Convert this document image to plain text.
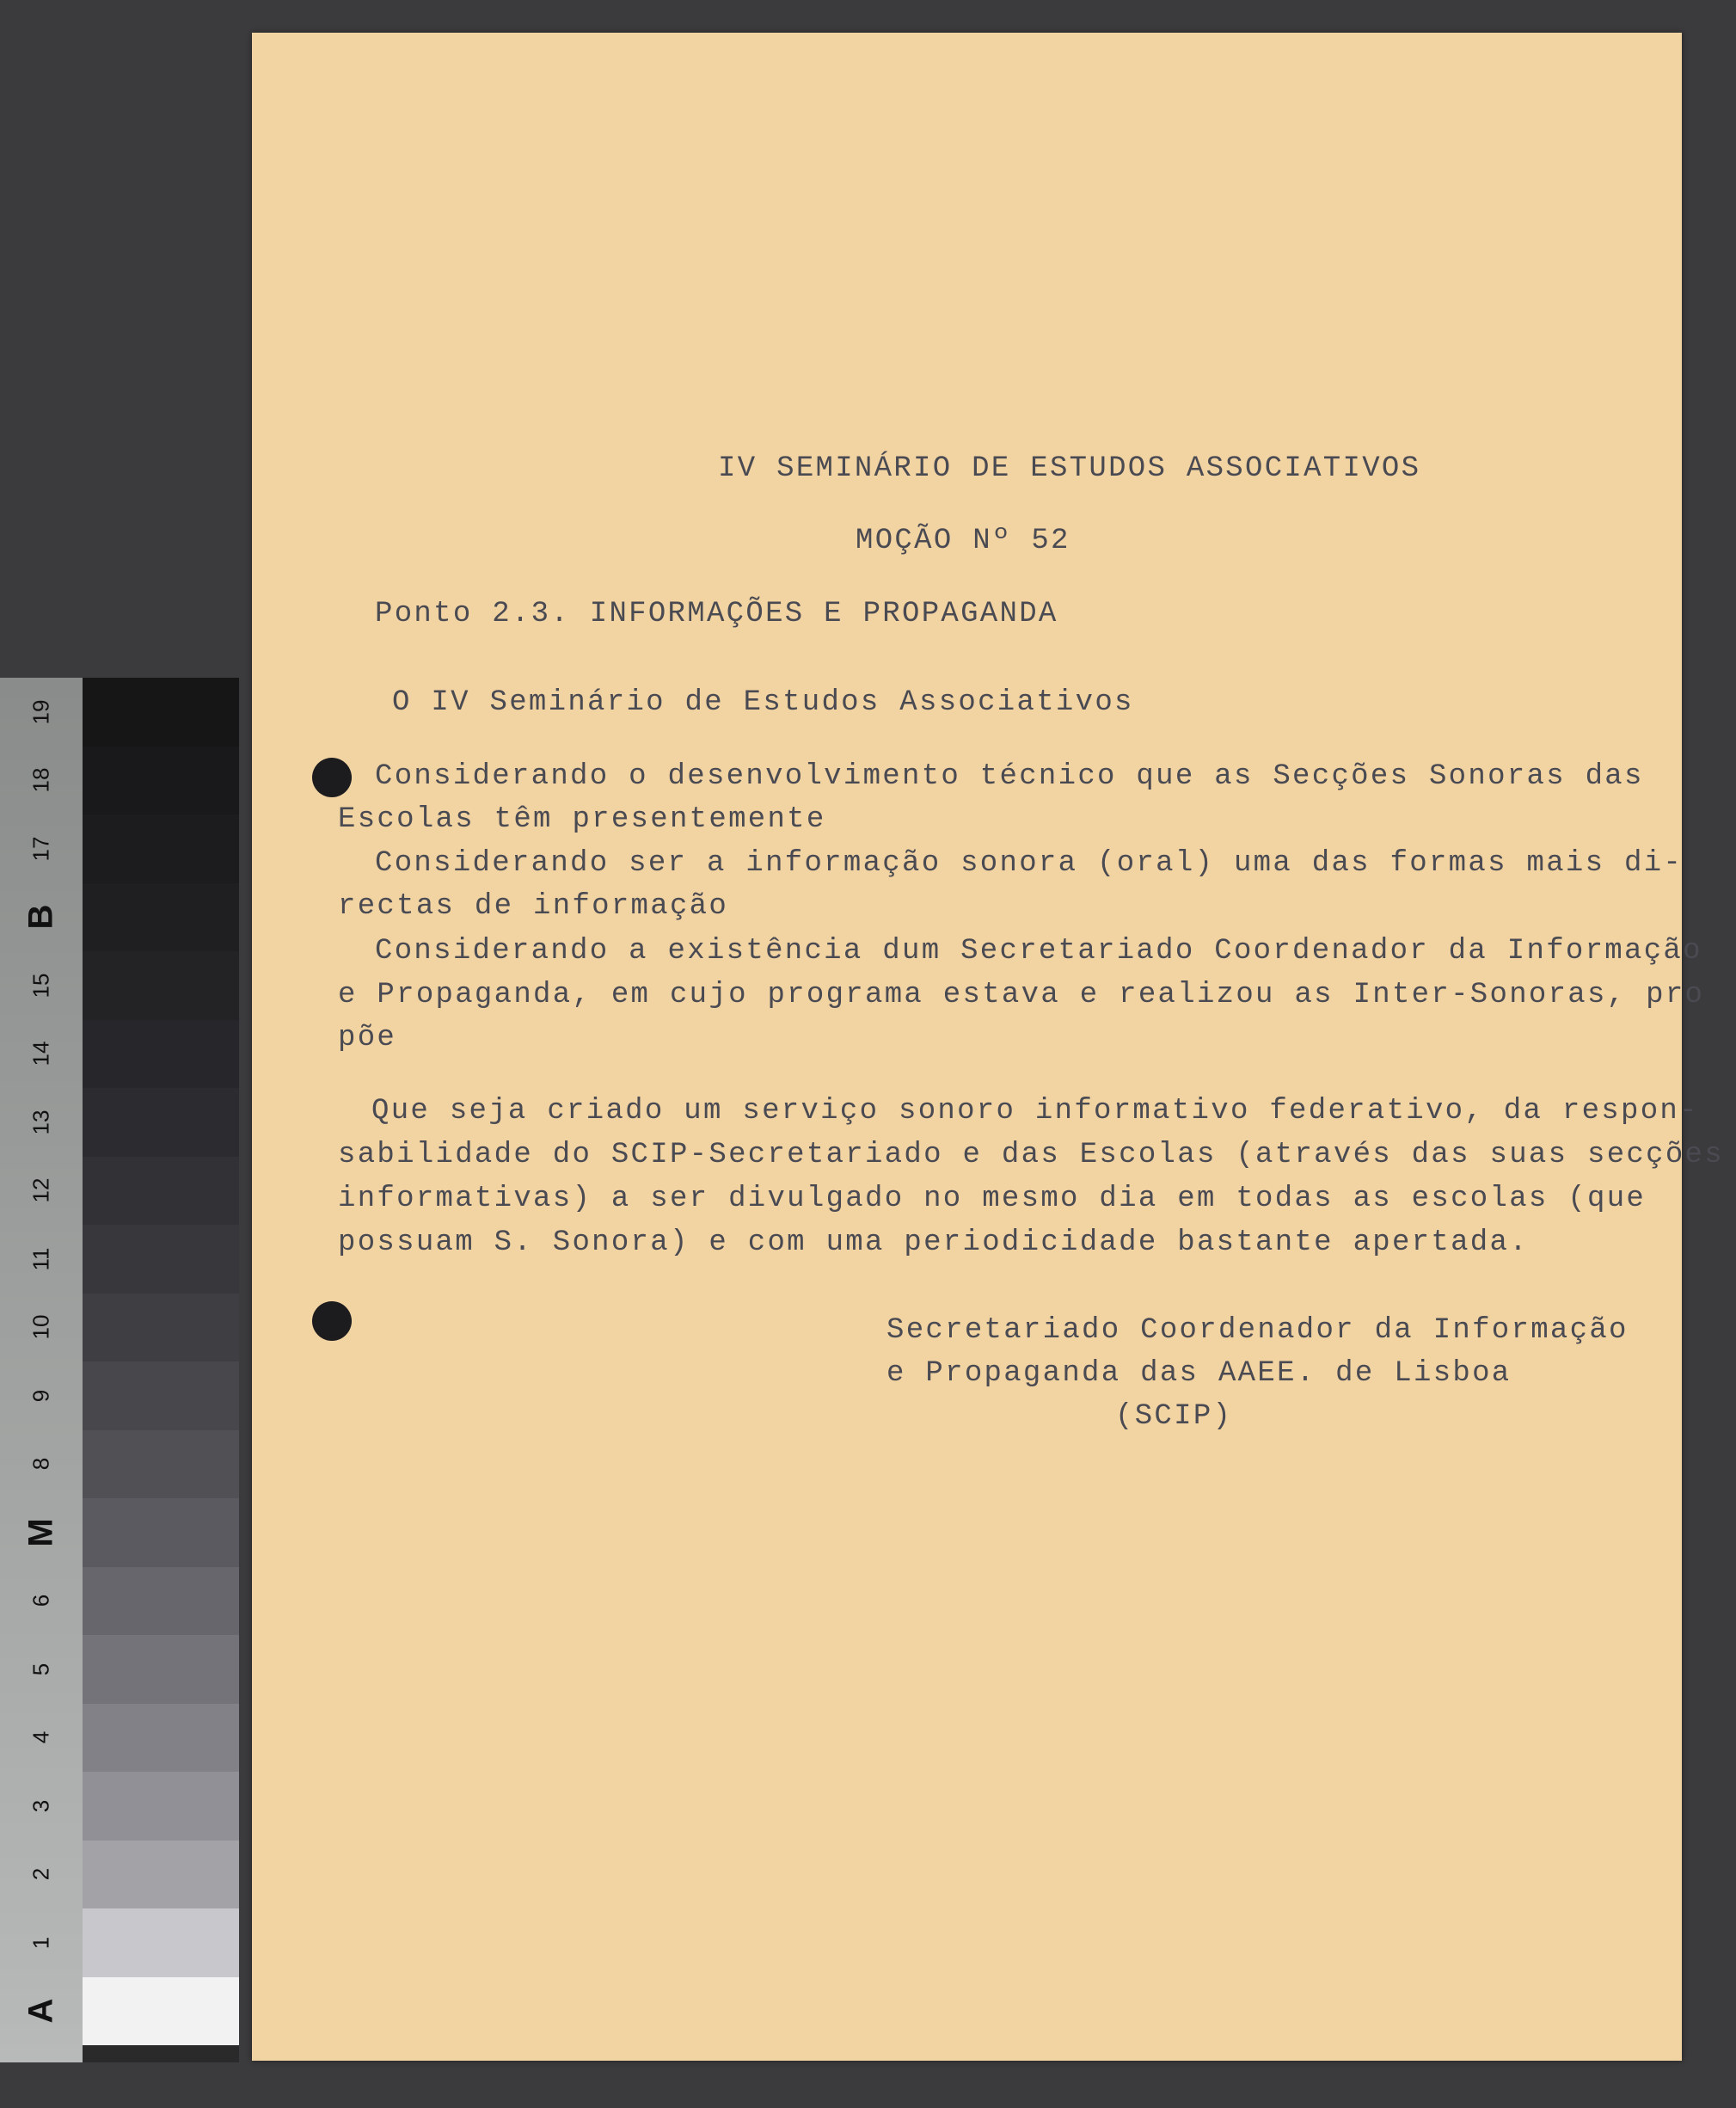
IV SEMINÁRIO DE ESTUDOS ASSOCIATIVOS
MOÇÃO Nº 52
Ponto 2.3. INFORMAÇÕES E PROPAGANDA
O IV Seminário de Estudos Associativos
Considerando o desenvolvimento técnico que as Secções Sonoras das
Escolas têm presentemente
Considerando ser a informação sonora (oral) uma das formas mais di-
rectas de informação
Considerando a existência dum Secretariado Coordenador da Informação
e Propaganda, em cujo programa estava e realizou as Inter-Sonoras, pro
põe
Que seja criado um serviço sonoro informativo federativo, da respon-
sabilidade do SCIP-Secretariado e das Escolas (através das suas secções
informativas) a ser divulgado no mesmo dia em todas as escolas (que
possuam S. Sonora) e com uma periodicidade bastante apertada.
Secretariado Coordenador da Informação
e Propaganda das AAEE. de Lisboa
(SCIP)
19
18
17
B
15
14
13
12
11
10
9
8
M
6
5
4
3
2
1
A
